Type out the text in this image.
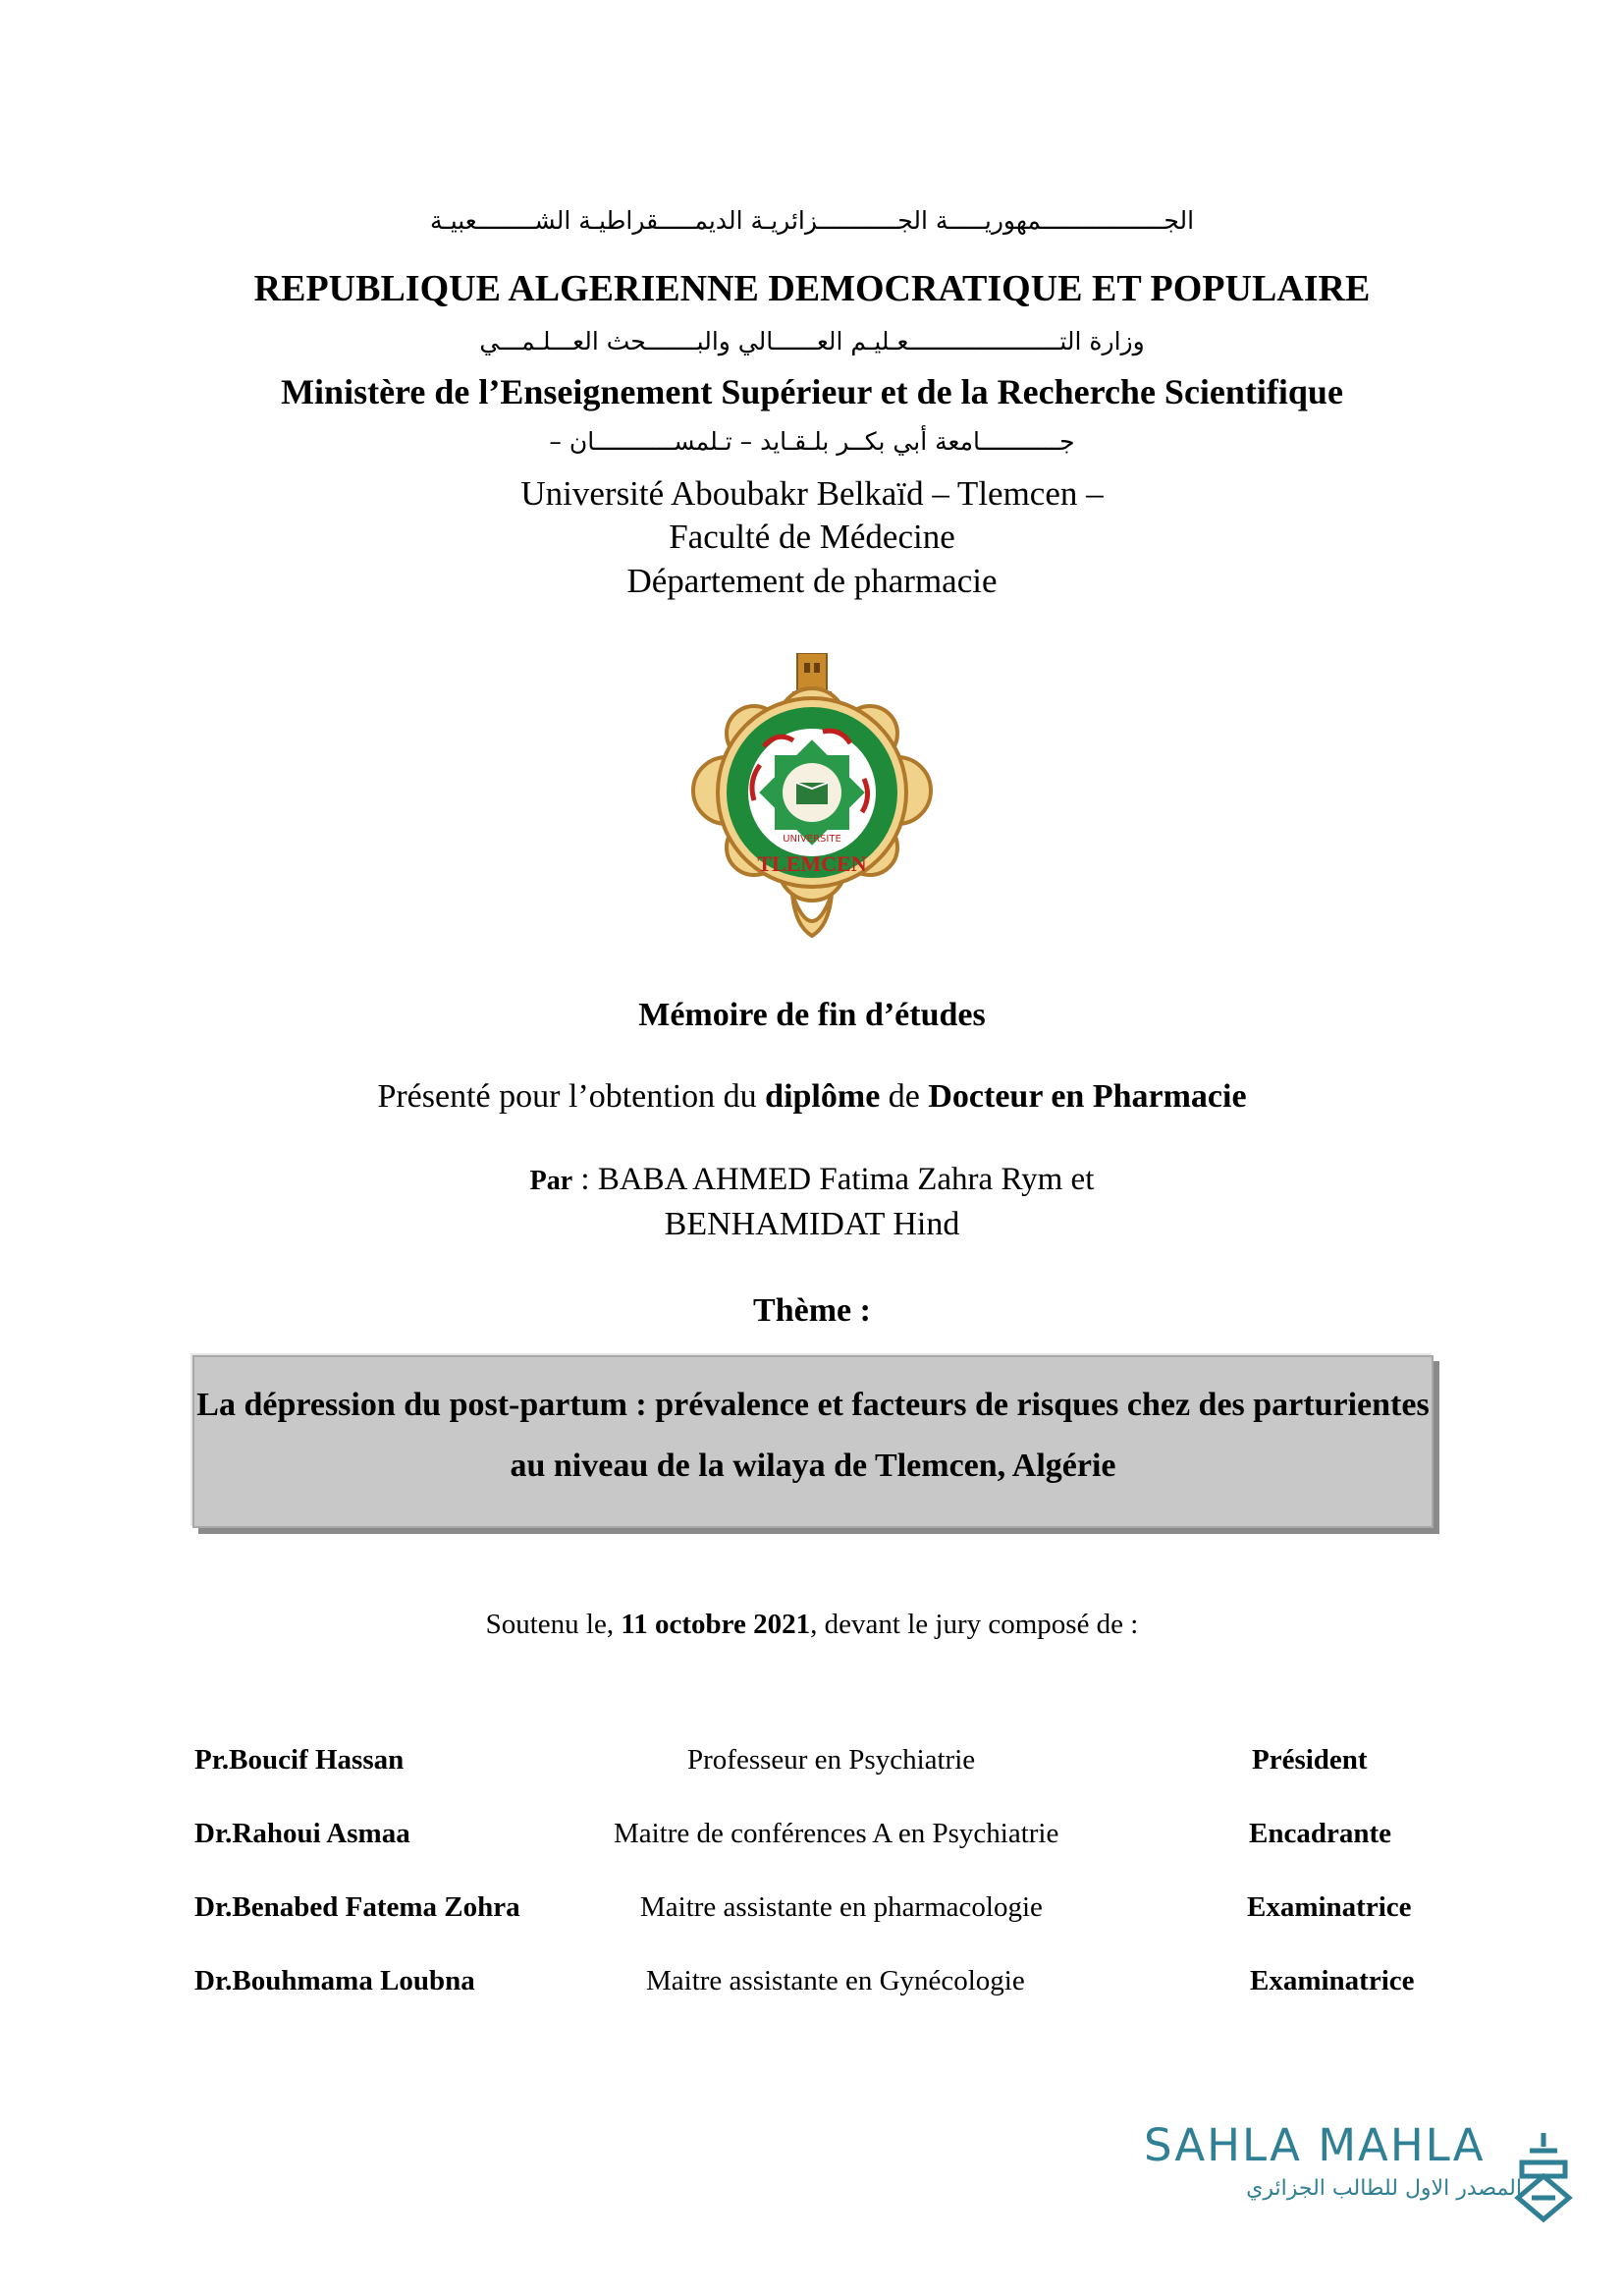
الجـــــــــــــــــمهوريـــــة الجـــــــــــزائريـة الديمـــــقراطيـة الشــــــــعبيـة
REPUBLIQUE ALGERIENNE DEMOCRATIQUE ET POPULAIRE
وزارة التـــــــــــــــــــــعـليـم العــــــالي والبـــــــحث العـــلـمـــي
Ministère de l’Enseignement Supérieur et de la Recherche Scientifique
جـــــــــــامعة أبي بكــر بلـقـايد – تـلمســـــــــــان –
Université Aboubakr Belkaïd – Tlemcen –
Faculté de Médecine
Département de pharmacie
UNIVERSITE
TLEMCEN
Mémoire de fin d’études
Présenté pour l’obtention du diplôme de Docteur en Pharmacie
Par : BABA AHMED Fatima Zahra Rym et
BENHAMIDAT Hind
Thème :
La dépression du post-partum : prévalence et facteurs de risques chez des parturientes au niveau de la wilaya de Tlemcen, Algérie
Soutenu le, 11 octobre 2021, devant le jury composé de :
Pr.Boucif Hassan	Professeur en Psychiatrie	Président
Dr.Rahoui Asmaa	Maitre de conférences A en Psychiatrie	Encadrante
Dr.Benabed Fatema Zohra	Maitre assistante en pharmacologie	Examinatrice
Dr.Bouhmama Loubna	Maitre assistante en Gynécologie	Examinatrice
SAHLA MAHLA
المصدر الاول للطالب الجزائري
